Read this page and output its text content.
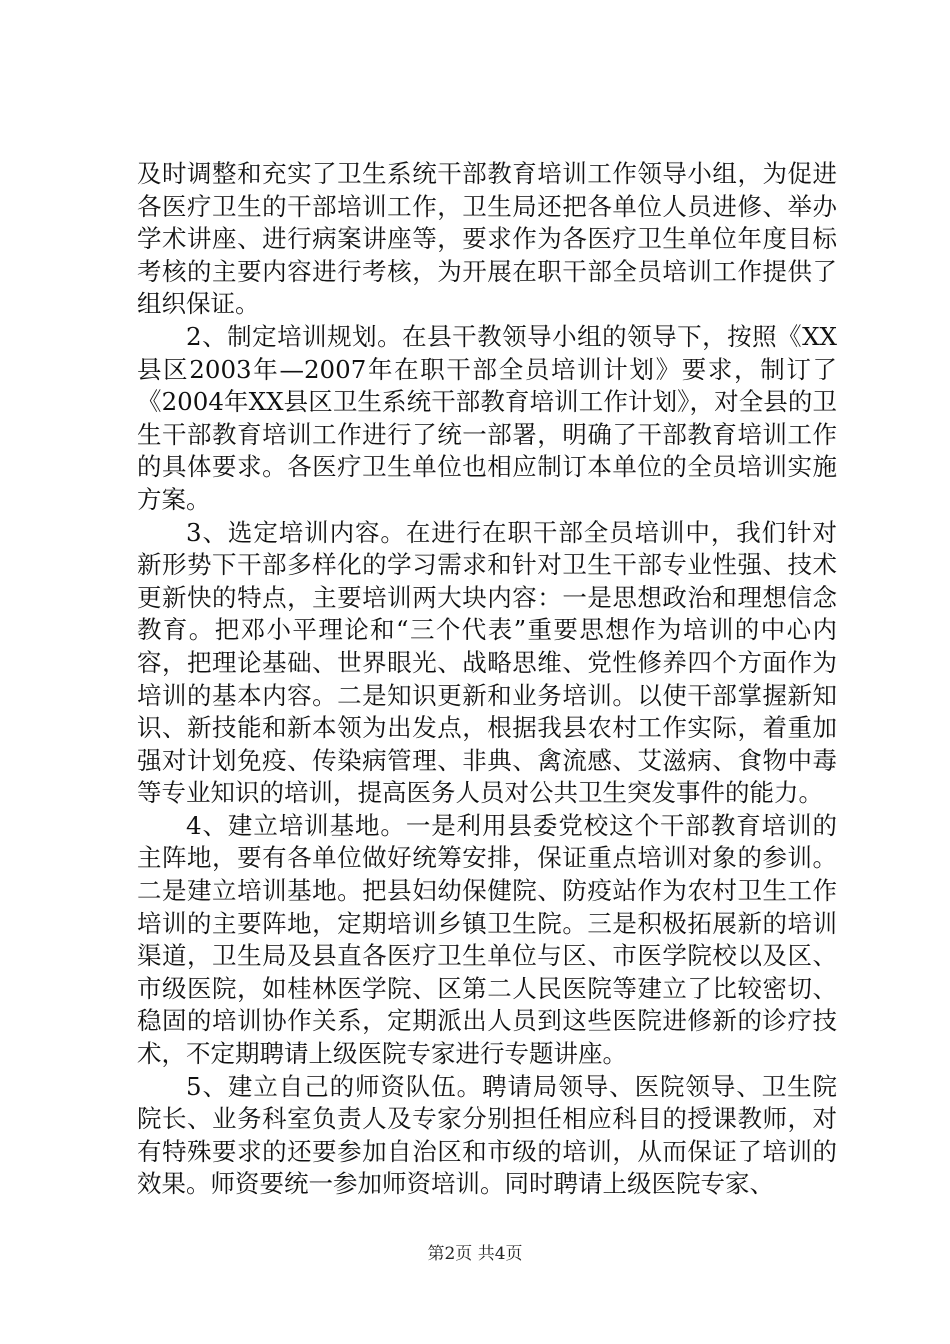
及时调整和充实了卫生系统干部教育培训工作领导小组，为促进各医疗卫生的干部培训工作，卫生局还把各单位人员进修、举办学术讲座、进行病案讲座等，要求作为各医疗卫生单位年度目标考核的主要内容进行考核，为开展在职干部全员培训工作提供了组织保证。

2、制定培训规划。在县干教领导小组的领导下，按照《XX县区2003年—2007年在职干部全员培训计划》要求，制订了《2004年XX县区卫生系统干部教育培训工作计划》，对全县的卫生干部教育培训工作进行了统一部署，明确了干部教育培训工作的具体要求。各医疗卫生单位也相应制订本单位的全员培训实施方案。

3、选定培训内容。在进行在职干部全员培训中，我们针对新形势下干部多样化的学习需求和针对卫生干部专业性强、技术更新快的特点，主要培训两大块内容：一是思想政治和理想信念教育。把邓小平理论和“三个代表”重要思想作为培训的中心内容，把理论基础、世界眼光、战略思维、党性修养四个方面作为培训的基本内容。二是知识更新和业务培训。以使干部掌握新知识、新技能和新本领为出发点，根据我县农村工作实际，着重加强对计划免疫、传染病管理、非典、禽流感、艾滋病、食物中毒等专业知识的培训，提高医务人员对公共卫生突发事件的能力。

4、建立培训基地。一是利用县委党校这个干部教育培训的主阵地，要有各单位做好统筹安排，保证重点培训对象的参训。二是建立培训基地。把县妇幼保健院、防疫站作为农村卫生工作培训的主要阵地，定期培训乡镇卫生院。三是积极拓展新的培训渠道，卫生局及县直各医疗卫生单位与区、市医学院校以及区、市级医院，如桂林医学院、区第二人民医院等建立了比较密切、稳固的培训协作关系，定期派出人员到这些医院进修新的诊疗技术，不定期聘请上级医院专家进行专题讲座。

5、建立自己的师资队伍。聘请局领导、医院领导、卫生院院长、业务科室负责人及专家分别担任相应科目的授课教师，对有特殊要求的还要参加自治区和市级的培训，从而保证了培训的效果。师资要统一参加师资培训。同时聘请上级医院专家、

第2页 共4页
